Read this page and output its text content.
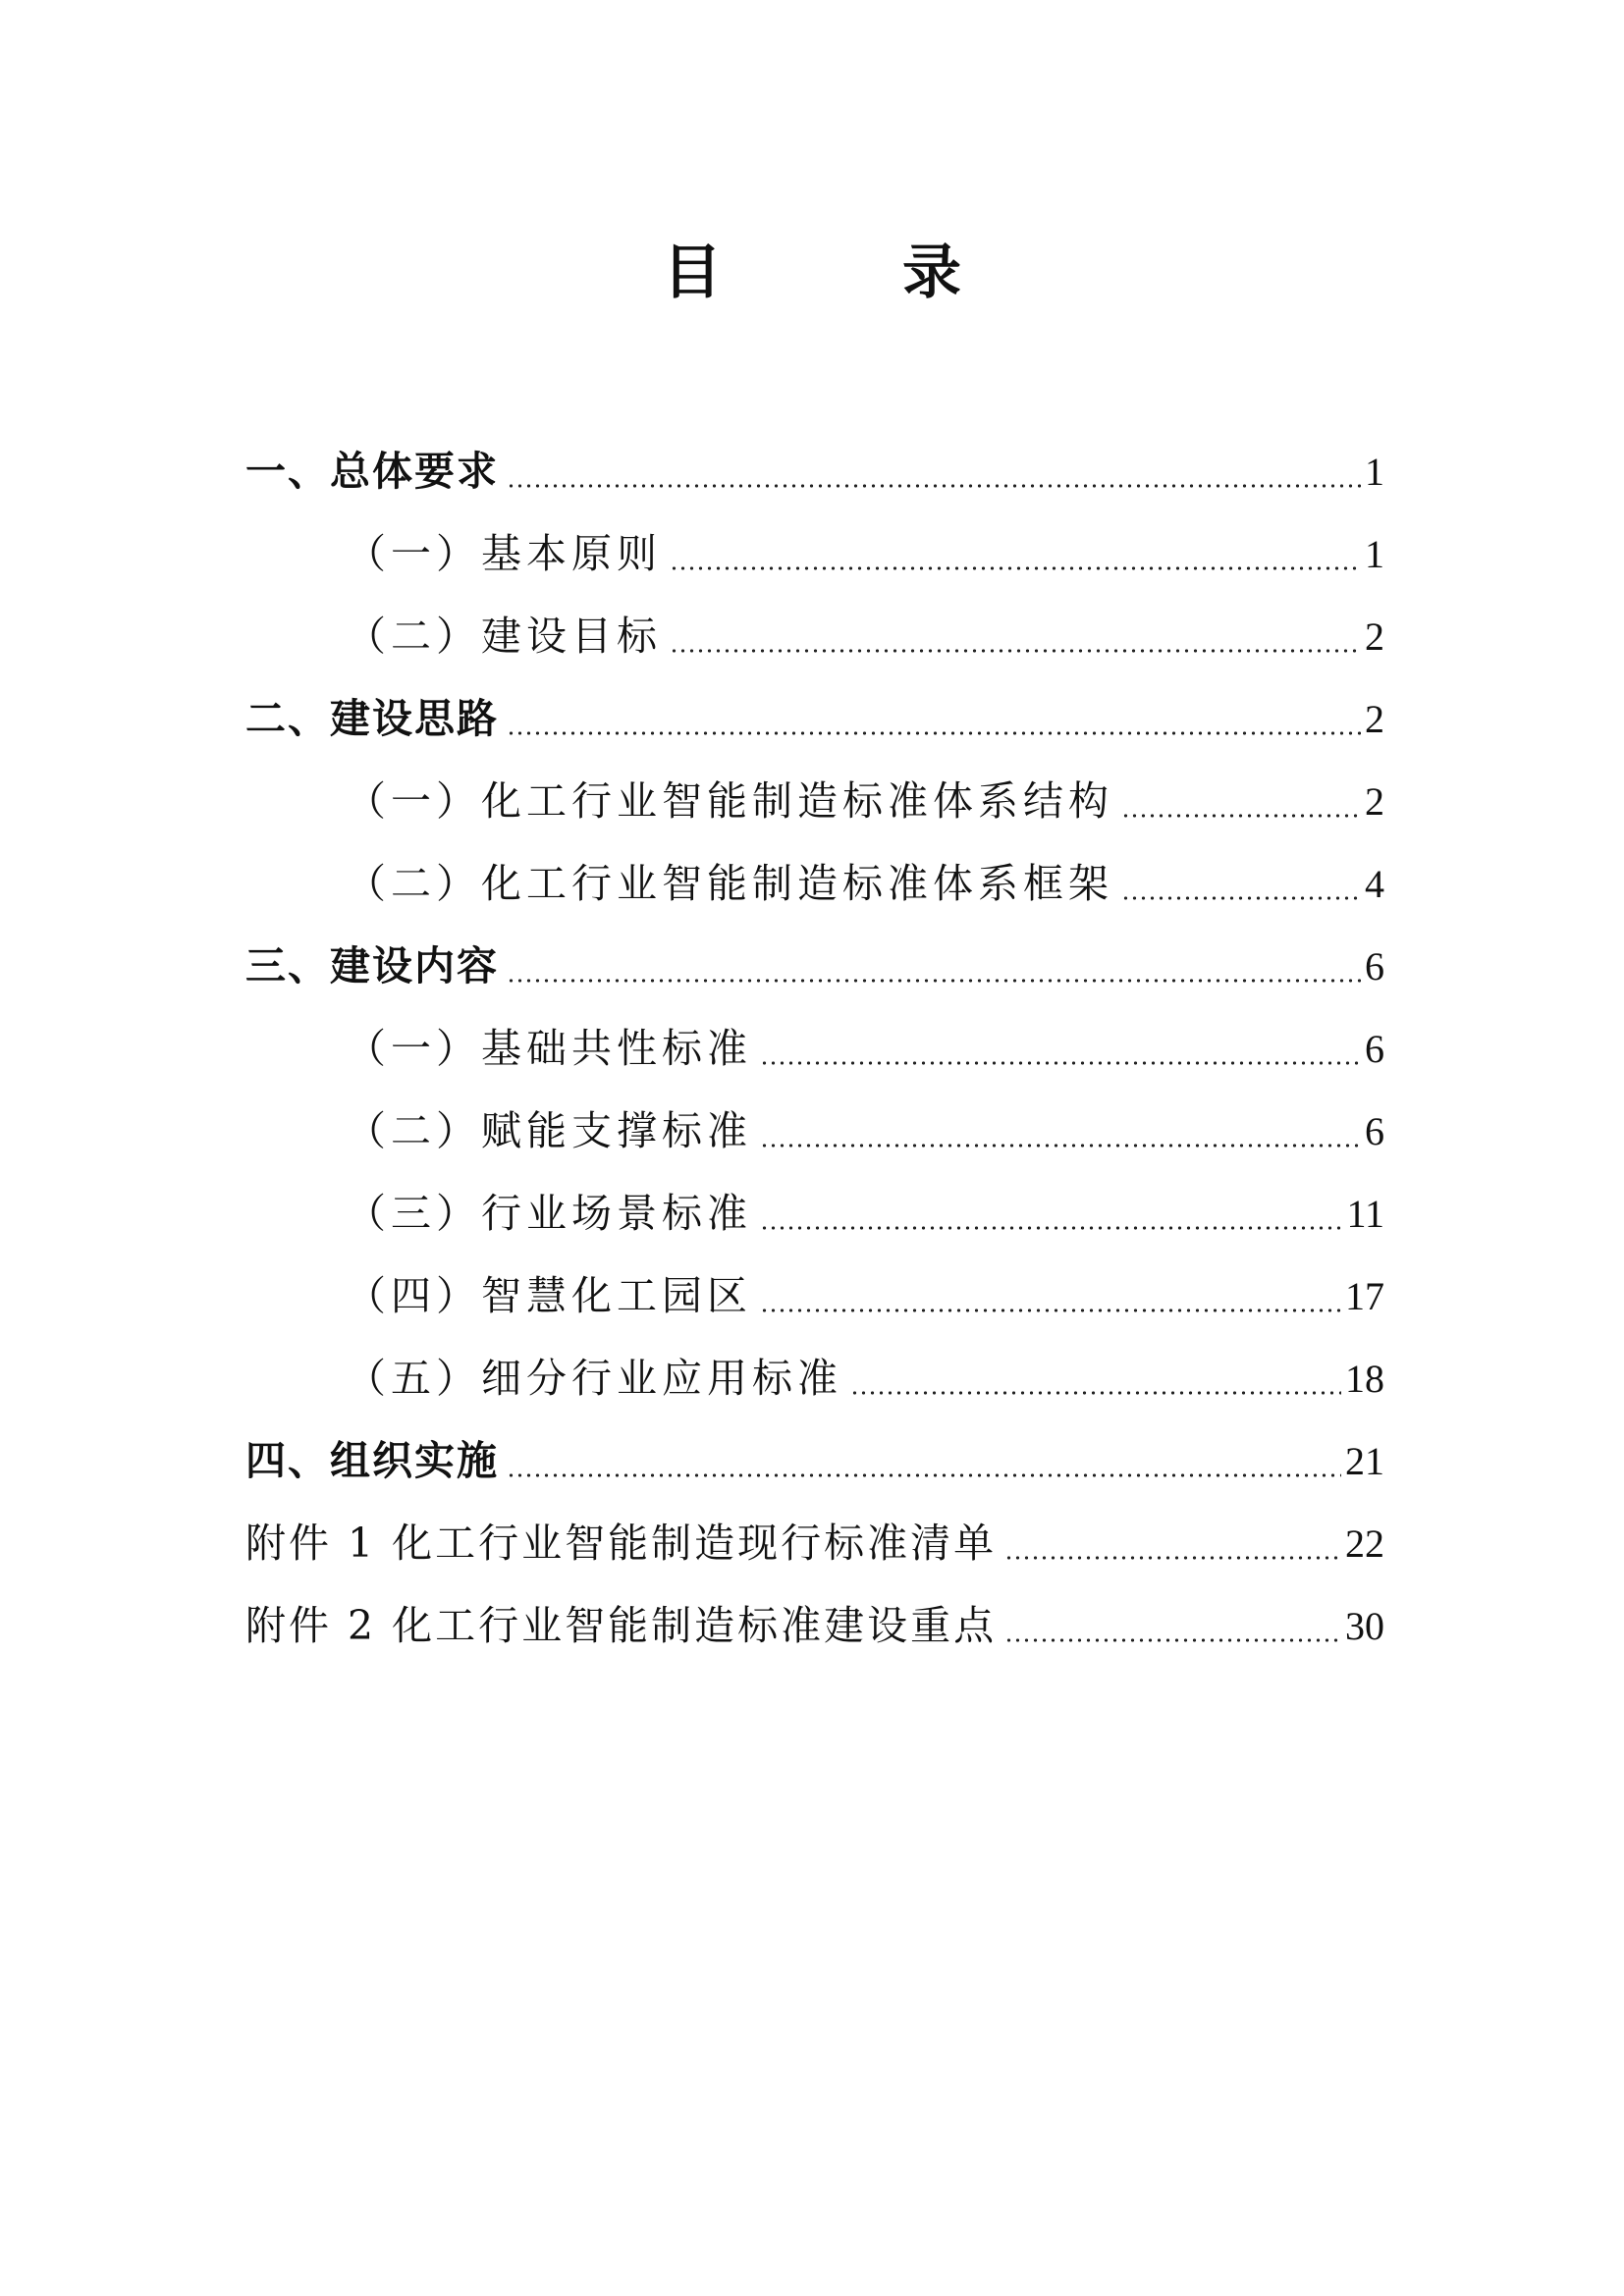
目　录
一、总体要求	1
（一）基本原则	1
（二）建设目标	2
二、建设思路	2
（一）化工行业智能制造标准体系结构	2
（二）化工行业智能制造标准体系框架	4
三、建设内容	6
（一）基础共性标准	6
（二）赋能支撑标准	6
（三）行业场景标准	11
（四）智慧化工园区	17
（五）细分行业应用标准	18
四、组织实施	21
附件 1 化工行业智能制造现行标准清单	22
附件 2 化工行业智能制造标准建设重点	30
